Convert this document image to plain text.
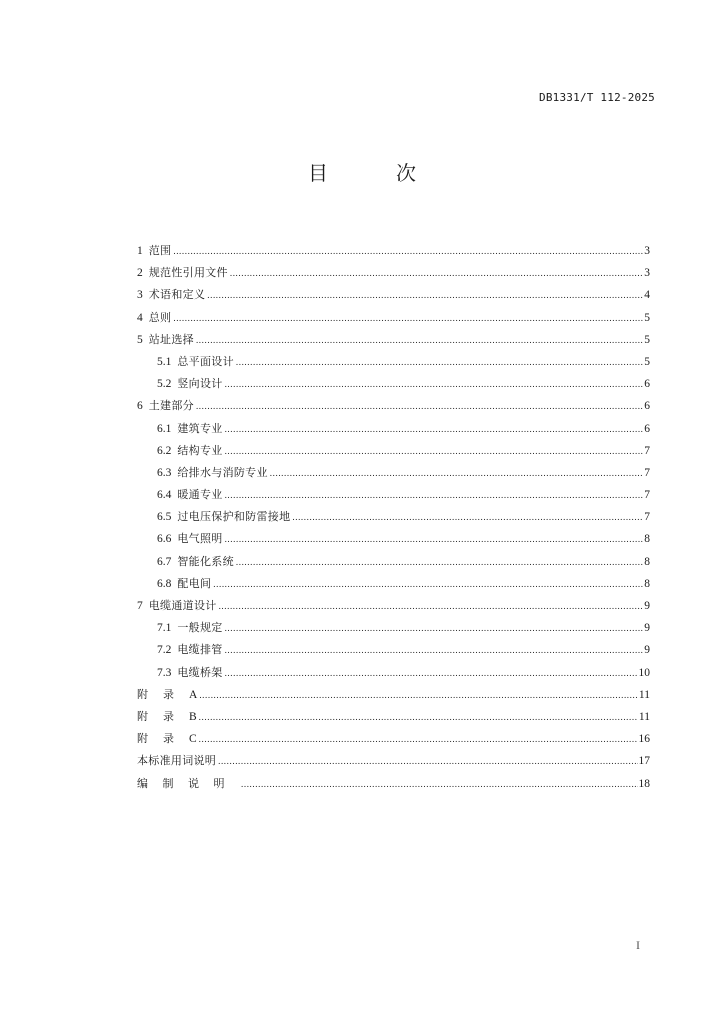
DB1331/T 112-2025
目次
1 范围 .....	3
2 规范性引用文件 .....	3
3 术语和定义 .....	4
4 总则 .....	5
5 站址选择 .....	5
5.1 总平面设计 .....	5
5.2 竖向设计 .....	6
6 土建部分 .....	6
6.1 建筑专业 .....	6
6.2 结构专业 .....	7
6.3 给排水与消防专业 .....	7
6.4 暖通专业 .....	7
6.5 过电压保护和防雷接地 .....	7
6.6 电气照明 .....	8
6.7 智能化系统 .....	8
6.8 配电间 .....	8
7 电缆通道设计 .....	9
7.1 一般规定 .....	9
7.2 电缆排管 .....	9
7.3 电缆桥架 .....	10
附录 A .....	11
附录 B .....	11
附录 C .....	16
本标准用词说明 .....	17
编制说明 .....	18
I
